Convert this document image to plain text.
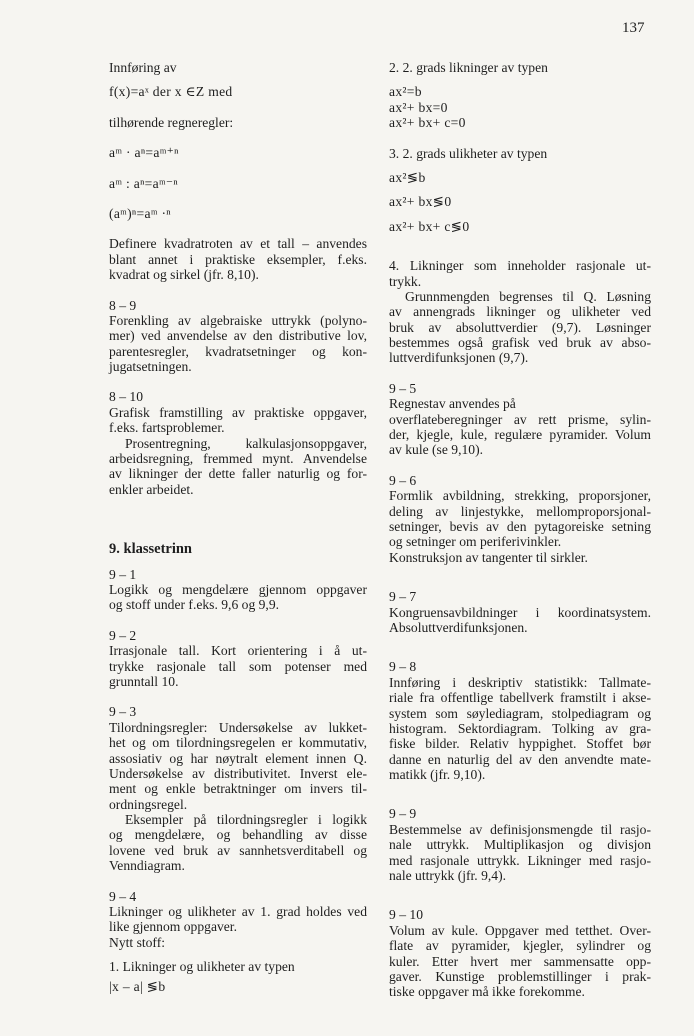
137
Innføring av
f(x)=aˣ der x ∈Z med
tilhørende regneregler:
aᵐ · aⁿ=aᵐ⁺ⁿ
aᵐ : aⁿ=aᵐ⁻ⁿ
(aᵐ)ⁿ=aᵐ ·ⁿ
Definere kvadratroten av et tall – anvendes
blant annet i praktiske eksempler, f.eks.
kvadrat og sirkel (jfr. 8,10).
8 – 9
Forenkling av algebraiske uttrykk (polyno-
mer) ved anvendelse av den distributive lov,
parentesregler, kvadratsetninger og kon-
jugatsetningen.
8 – 10
Grafisk framstilling av praktiske oppgaver,
f.eks. fartsproblemer.
Prosentregning, kalkulasjonsoppgaver,
arbeidsregning, fremmed mynt. Anvendelse
av likninger der dette faller naturlig og for-
enkler arbeidet.
9. klassetrinn
9 – 1
Logikk og mengdelære gjennom oppgaver
og stoff under f.eks. 9,6 og 9,9.
9 – 2
Irrasjonale tall. Kort orientering i å ut-
trykke rasjonale tall som potenser med
grunntall 10.
9 – 3
Tilordningsregler: Undersøkelse av lukket-
het og om tilordningsregelen er kommutativ,
assosiativ og har nøytralt element innen Q.
Undersøkelse av distributivitet. Inverst ele-
ment og enkle betraktninger om invers til-
ordningsregel.
Eksempler på tilordningsregler i logikk
og mengdelære, og behandling av disse
lovene ved bruk av sannhetsverditabell og
Venndiagram.
9 – 4
Likninger og ulikheter av 1. grad holdes ved
like gjennom oppgaver.
Nytt stoff:
1. Likninger og ulikheter av typen
|x – a| ≶b
2. 2. grads likninger av typen
ax²=b
ax²+ bx=0
ax²+ bx+ c=0
3. 2. grads ulikheter av typen
ax²≶b
ax²+ bx≶0
ax²+ bx+ c≶0
4. Likninger som inneholder rasjonale ut-
trykk.
Grunnmengden begrenses til Q. Løsning
av annengrads likninger og ulikheter ved
bruk av absoluttverdier (9,7). Løsninger
bestemmes også grafisk ved bruk av abso-
luttverdifunksjonen (9,7).
9 – 5
Regnestav anvendes på
overflateberegninger av rett prisme, sylin-
der, kjegle, kule, regulære pyramider. Volum
av kule (se 9,10).
9 – 6
Formlik avbildning, strekking, proporsjoner,
deling av linjestykke, mellomproporsjonal-
setninger, bevis av den pytagoreiske setning
og setninger om periferivinkler.
Konstruksjon av tangenter til sirkler.
9 – 7
Kongruensavbildninger i koordinatsystem.
Absoluttverdifunksjonen.
9 – 8
Innføring i deskriptiv statistikk: Tallmate-
riale fra offentlige tabellverk framstilt i akse-
system som søylediagram, stolpediagram og
histogram. Sektordiagram. Tolking av gra-
fiske bilder. Relativ hyppighet. Stoffet bør
danne en naturlig del av den anvendte mate-
matikk (jfr. 9,10).
9 – 9
Bestemmelse av definisjonsmengde til rasjo-
nale uttrykk. Multiplikasjon og divisjon
med rasjonale uttrykk. Likninger med rasjo-
nale uttrykk (jfr. 9,4).
9 – 10
Volum av kule. Oppgaver med tetthet. Over-
flate av pyramider, kjegler, sylindrer og
kuler. Etter hvert mer sammensatte opp-
gaver. Kunstige problemstillinger i prak-
tiske oppgaver må ikke forekomme.
